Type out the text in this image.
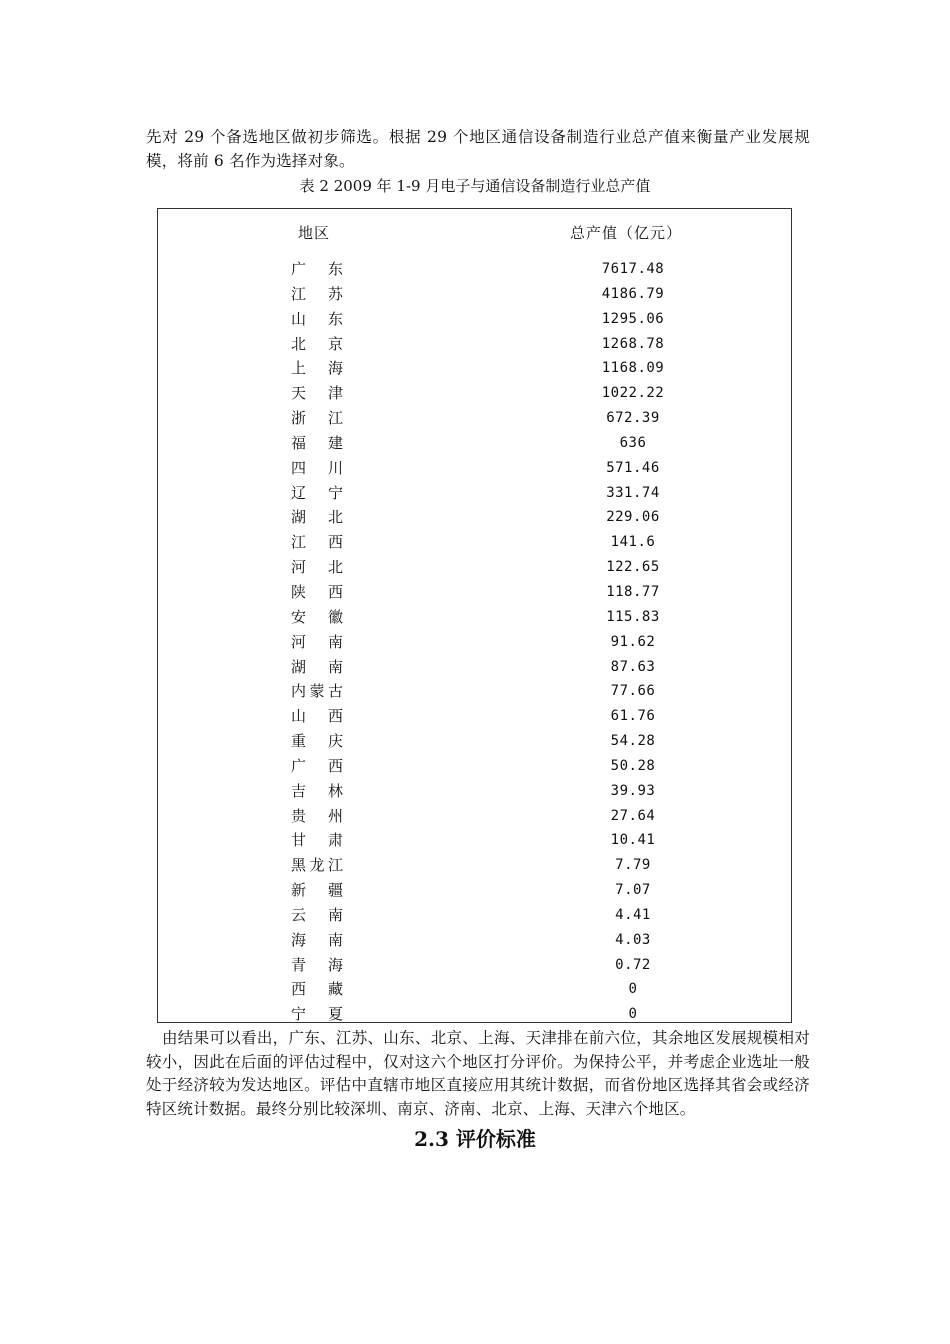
先对 29 个备选地区做初步筛选。根据 29 个地区通信设备制造行业总产值来衡量产业发展规模，将前 6 名作为选择对象。

表 2 2009 年 1-9 月电子与通信设备制造行业总产值
地区	总产值（亿元）
广东	7617.48
江苏	4186.79
山东	1295.06
北京	1268.78
上海	1168.09
天津	1022.22
浙江	672.39
福建	636
四川	571.46
辽宁	331.74
湖北	229.06
江西	141.6
河北	122.65
陕西	118.77
安徽	115.83
河南	91.62
湖南	87.63
内蒙古	77.66
山西	61.76
重庆	54.28
广西	50.28
吉林	39.93
贵州	27.64
甘肃	10.41
黑龙江	7.79
新疆	7.07
云南	4.41
海南	4.03
青海	0.72
西藏	0
宁夏	0

由结果可以看出，广东、江苏、山东、北京、上海、天津排在前六位，其余地区发展规模相对较小，因此在后面的评估过程中，仅对这六个地区打分评价。为保持公平，并考虑企业选址一般处于经济较为发达地区。评估中直辖市地区直接应用其统计数据，而省份地区选择其省会或经济特区统计数据。最终分别比较深圳、南京、济南、北京、上海、天津六个地区。

2.3 评价标准
